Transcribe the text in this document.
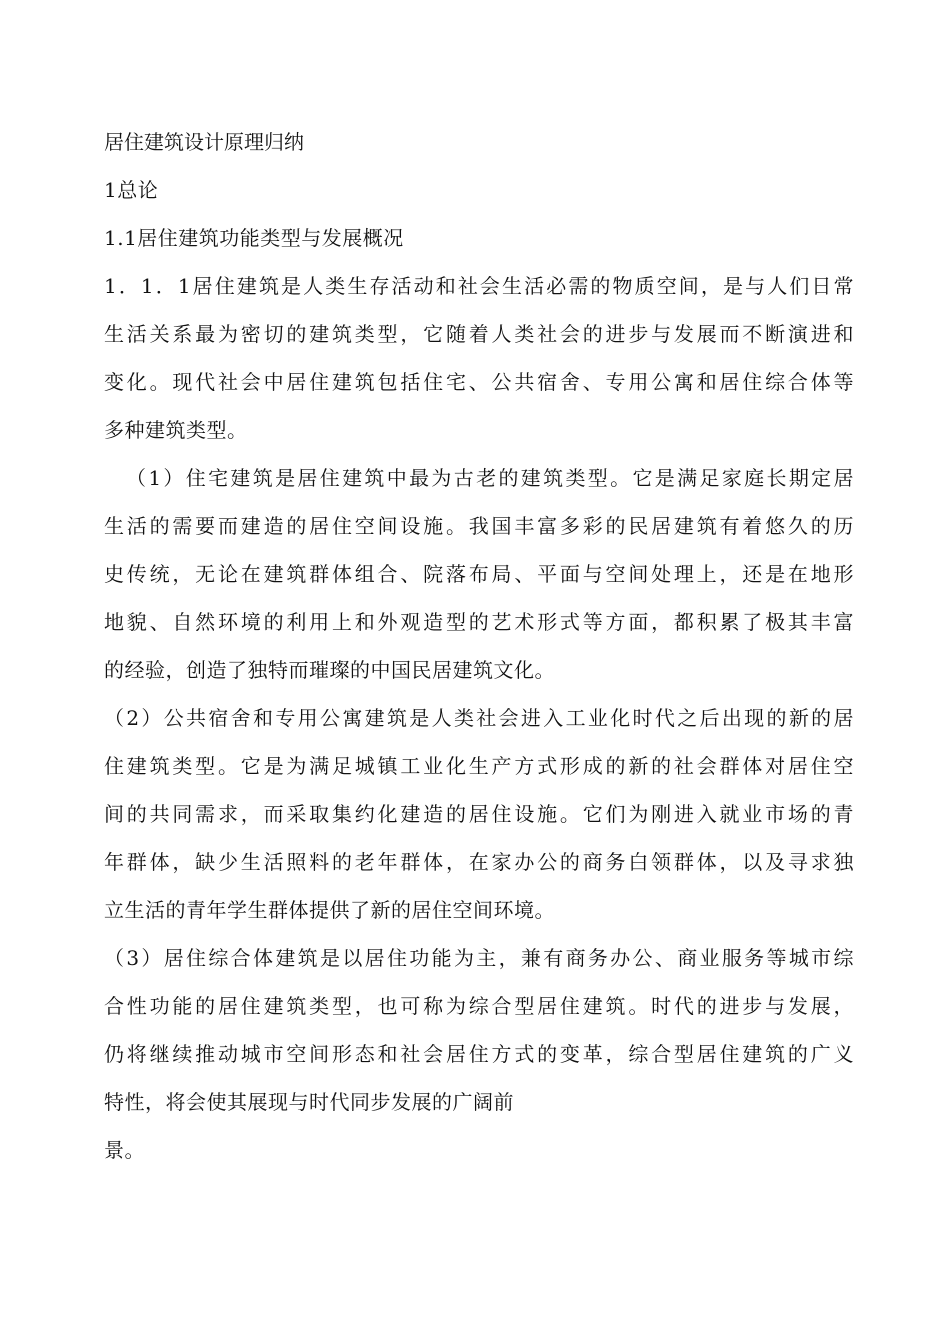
居住建筑设计原理归纳
1总论
1.1居住建筑功能类型与发展概况
1．1．1居住建筑是人类生存活动和社会生活必需的物质空间，是与人们日常
生活关系最为密切的建筑类型，它随着人类社会的进步与发展而不断演进和
变化。现代社会中居住建筑包括住宅、公共宿舍、专用公寓和居住综合体等
多种建筑类型。
（1）住宅建筑是居住建筑中最为古老的建筑类型。它是满足家庭长期定居
生活的需要而建造的居住空间设施。我国丰富多彩的民居建筑有着悠久的历
史传统，无论在建筑群体组合、院落布局、平面与空间处理上，还是在地形
地貌、自然环境的利用上和外观造型的艺术形式等方面，都积累了极其丰富
的经验，创造了独特而璀璨的中国民居建筑文化。
（2）公共宿舍和专用公寓建筑是人类社会进入工业化时代之后出现的新的居
住建筑类型。它是为满足城镇工业化生产方式形成的新的社会群体对居住空
间的共同需求，而采取集约化建造的居住设施。它们为刚进入就业市场的青
年群体，缺少生活照料的老年群体，在家办公的商务白领群体，以及寻求独
立生活的青年学生群体提供了新的居住空间环境。
（3）居住综合体建筑是以居住功能为主，兼有商务办公、商业服务等城市综
合性功能的居住建筑类型，也可称为综合型居住建筑。时代的进步与发展，
仍将继续推动城市空间形态和社会居住方式的变革，综合型居住建筑的广义
特性，将会使其展现与时代同步发展的广阔前
景。
